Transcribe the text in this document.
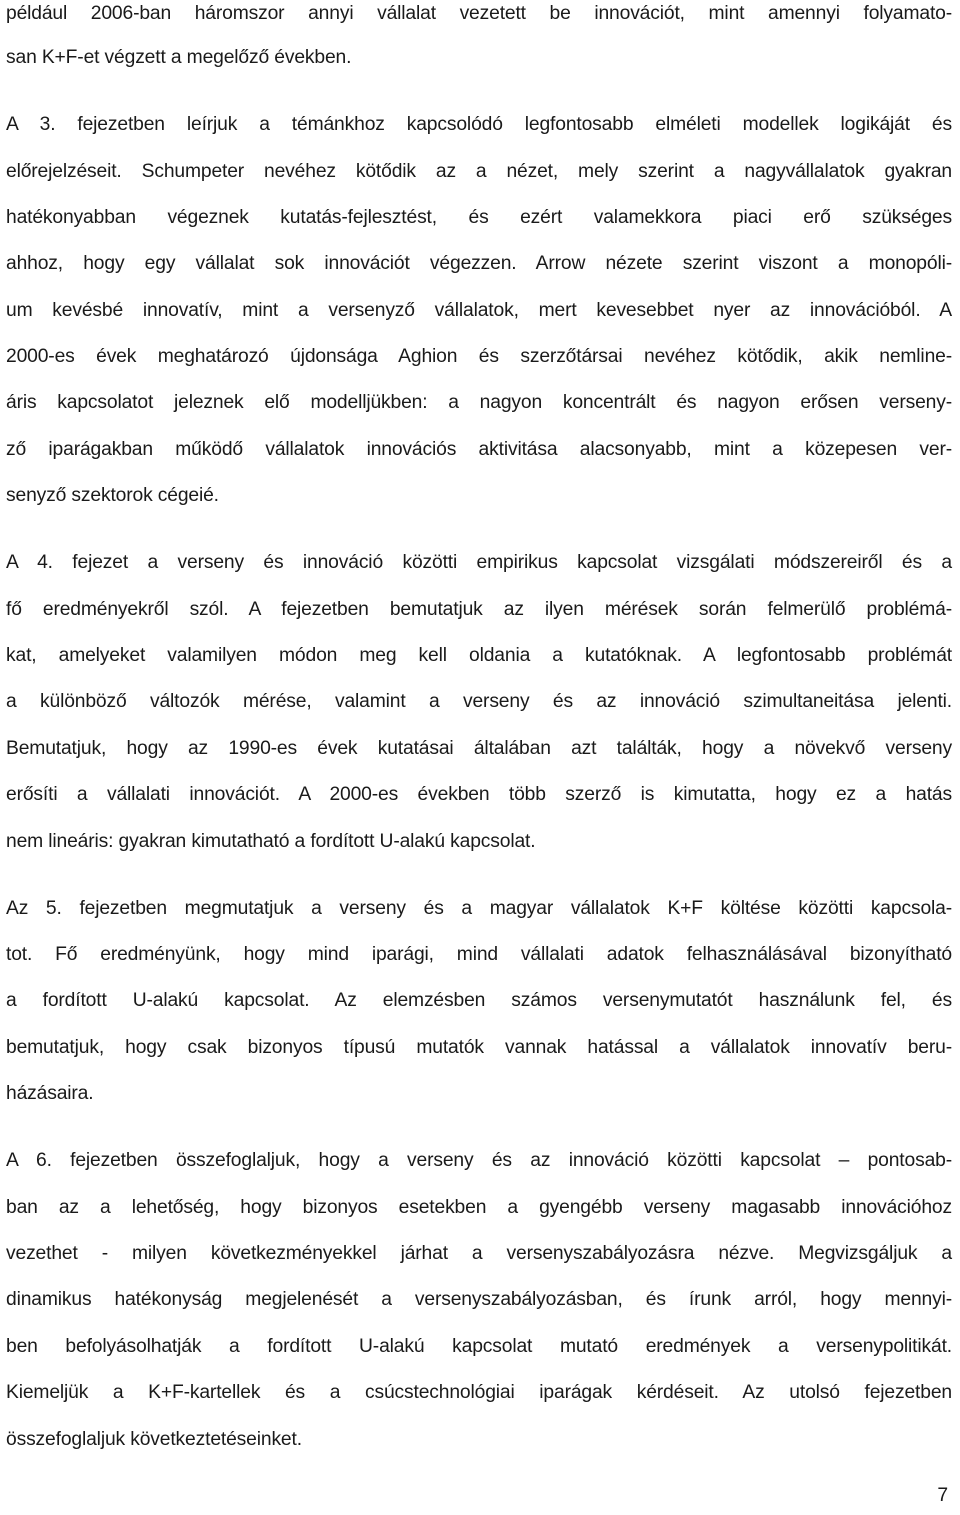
például 2006-ban háromszor annyi vállalat vezetett be innovációt, mint amennyi folyamato-
san K+F-et végzett a megelőző években.
A 3. fejezetben leírjuk a témánkhoz kapcsolódó legfontosabb elméleti modellek logikáját és
előrejelzéseit. Schumpeter nevéhez kötődik az a nézet, mely szerint a nagyvállalatok gyakran
hatékonyabban végeznek kutatás-fejlesztést, és ezért valamekkora piaci erő szükséges
ahhoz, hogy egy vállalat sok innovációt végezzen. Arrow nézete szerint viszont a monopóli-
um kevésbé innovatív, mint a versenyző vállalatok, mert kevesebbet nyer az innovációból. A
2000-es évek meghatározó újdonsága Aghion és szerzőtársai nevéhez kötődik, akik nemline-
áris kapcsolatot jeleznek elő modelljükben: a nagyon koncentrált és nagyon erősen verseny-
ző iparágakban működő vállalatok innovációs aktivitása alacsonyabb, mint a közepesen ver-
senyző szektorok cégeié.
A 4. fejezet a verseny és innováció közötti empirikus kapcsolat vizsgálati módszereiről és a
fő eredményekről szól. A fejezetben bemutatjuk az ilyen mérések során felmerülő problémá-
kat, amelyeket valamilyen módon meg kell oldania a kutatóknak. A legfontosabb problémát
a különböző változók mérése, valamint a verseny és az innováció szimultaneitása jelenti.
Bemutatjuk, hogy az 1990-es évek kutatásai általában azt találták, hogy a növekvő verseny
erősíti a vállalati innovációt. A 2000-es években több szerző is kimutatta, hogy ez a hatás
nem lineáris: gyakran kimutatható a fordított U-alakú kapcsolat.
Az 5. fejezetben megmutatjuk a verseny és a magyar vállalatok K+F költése közötti kapcsola-
tot. Fő eredményünk, hogy mind iparági, mind vállalati adatok felhasználásával bizonyítható
a fordított U-alakú kapcsolat. Az elemzésben számos versenymutatót használunk fel, és
bemutatjuk, hogy csak bizonyos típusú mutatók vannak hatással a vállalatok innovatív beru-
házásaira.
A 6. fejezetben összefoglaljuk, hogy a verseny és az innováció közötti kapcsolat – pontosab-
ban az a lehetőség, hogy bizonyos esetekben a gyengébb verseny magasabb innovációhoz
vezethet - milyen következményekkel járhat a versenyszabályozásra nézve. Megvizsgáljuk a
dinamikus hatékonyság megjelenését a versenyszabályozásban, és írunk arról, hogy mennyi-
ben befolyásolhatják a fordított U-alakú kapcsolat mutató eredmények a versenypolitikát.
Kiemeljük a K+F-kartellek és a csúcstechnológiai iparágak kérdéseit. Az utolsó fejezetben
összefoglaljuk következtetéseinket.
7
